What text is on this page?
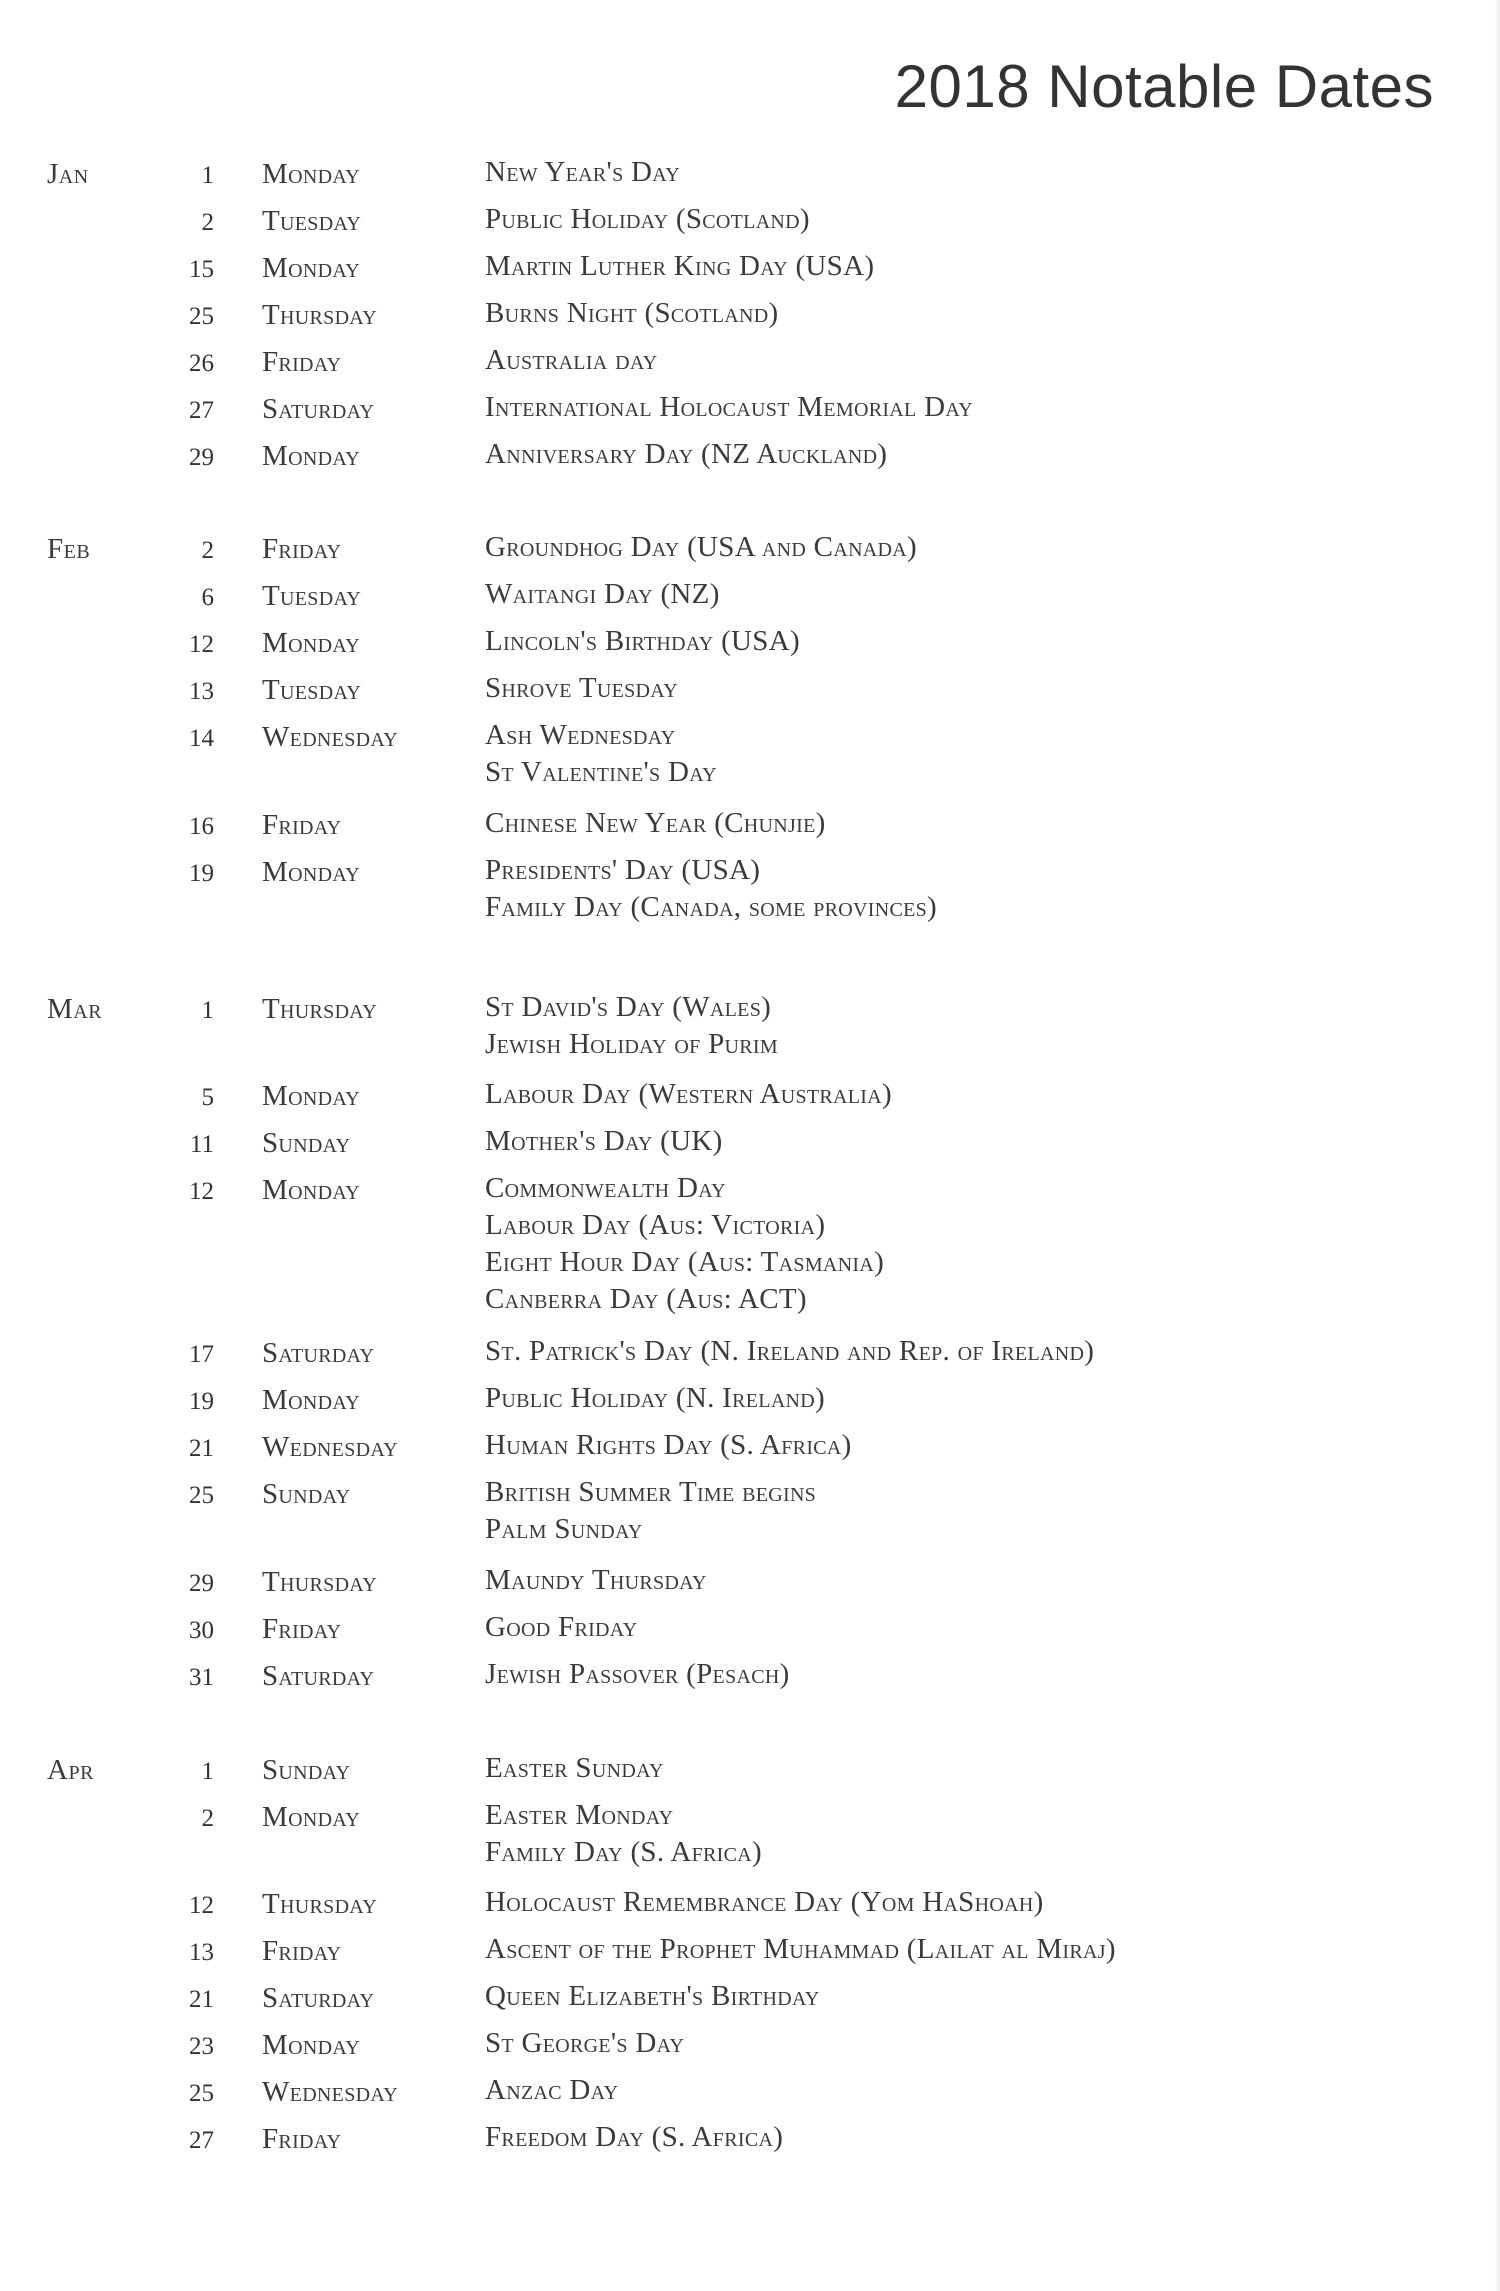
2018 Notable Dates
Jan	1 Monday	New Year's Day
2 Tuesday	Public Holiday (Scotland)
15 Monday	Martin Luther King Day (USA)
25 Thursday	Burns Night (Scotland)
26 Friday	Australia day
27 Saturday	International Holocaust Memorial Day
29 Monday	Anniversary Day (NZ Auckland)
Feb	2 Friday	Groundhog Day (USA and Canada)
6 Tuesday	Waitangi Day (NZ)
12 Monday	Lincoln's Birthday (USA)
13 Tuesday	Shrove Tuesday
14 Wednesday	Ash Wednesday
St Valentine's Day
16 Friday	Chinese New Year (Chunjie)
19 Monday	Presidents' Day (USA)
Family Day (Canada, some provinces)
Mar	1 Thursday	St David's Day (Wales)
Jewish Holiday of Purim
5 Monday	Labour Day (Western Australia)
11 Sunday	Mother's Day (UK)
12 Monday	Commonwealth Day
Labour Day (Aus: Victoria)
Eight Hour Day (Aus: Tasmania)
Canberra Day (Aus: ACT)
17 Saturday	St. Patrick's Day (N. Ireland and Rep. of Ireland)
19 Monday	Public Holiday (N. Ireland)
21 Wednesday	Human Rights Day (S. Africa)
25 Sunday	British Summer Time begins
Palm Sunday
29 Thursday	Maundy Thursday
30 Friday	Good Friday
31 Saturday	Jewish Passover (Pesach)
Apr	1 Sunday	Easter Sunday
2 Monday	Easter Monday
Family Day (S. Africa)
12 Thursday	Holocaust Remembrance Day (Yom HaShoah)
13 Friday	Ascent of the Prophet Muhammad (Lailat al Miraj)
21 Saturday	Queen Elizabeth's Birthday
23 Monday	St George's Day
25 Wednesday	Anzac Day
27 Friday	Freedom Day (S. Africa)
